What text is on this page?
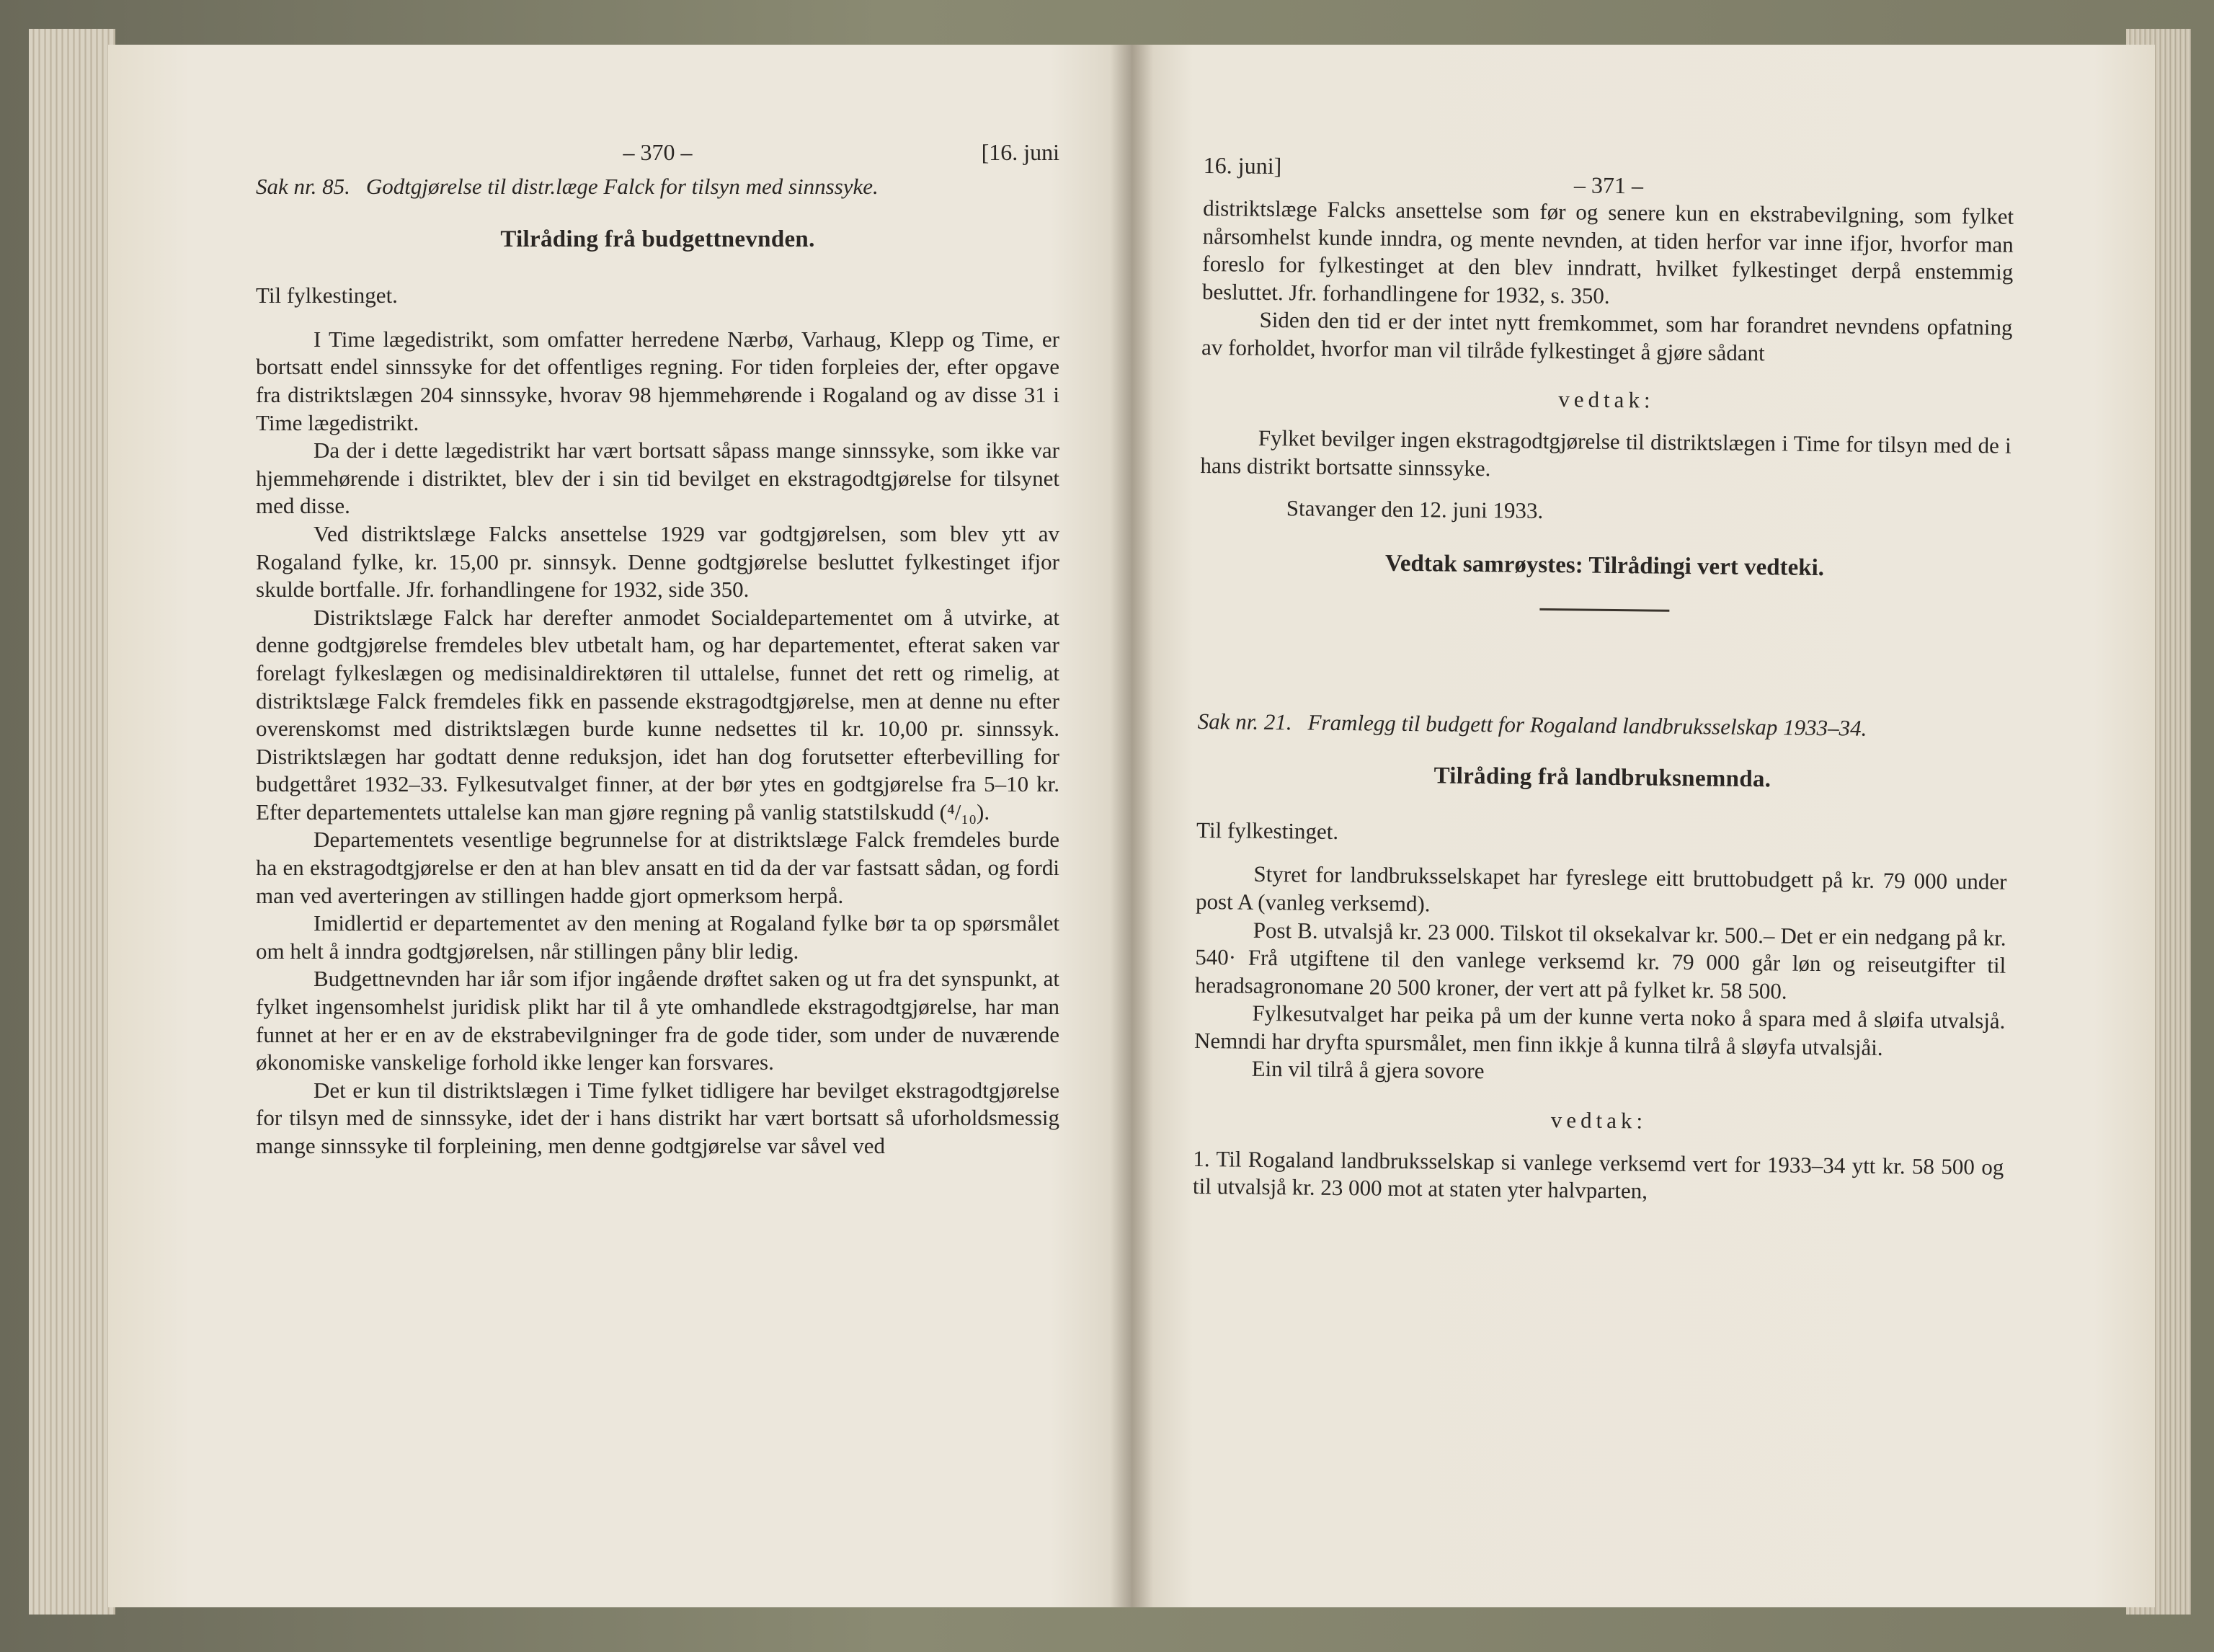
– 370 –	[16. juni
Sak nr. 85. Godtgjørelse til distr.læge Falck for tilsyn med sinnssyke.
Tilråding frå budgettnevnden.
Til fylkestinget.

I Time lægedistrikt, som omfatter herredene Nærbø, Varhaug, Klepp og Time, er bortsatt endel sinnssyke for det offentliges regning. For tiden forpleies der, efter opgave fra distriktslægen 204 sinnssyke, hvorav 98 hjemmehørende i Rogaland og av disse 31 i Time lægedistrikt.

Da der i dette lægedistrikt har vært bortsatt såpass mange sinnssyke, som ikke var hjemmehørende i distriktet, blev der i sin tid bevilget en ekstragodtgjørelse for tilsynet med disse.

Ved distriktslæge Falcks ansettelse 1929 var godtgjørelsen, som blev ytt av Rogaland fylke, kr. 15,00 pr. sinnsyk. Denne godtgjørelse besluttet fylkestinget ifjor skulde bortfalle. Jfr. forhandlingene for 1932, side 350.

Distriktslæge Falck har derefter anmodet Socialdepartementet om å utvirke, at denne godtgjørelse fremdeles blev utbetalt ham, og har departementet, efterat saken var forelagt fylkeslægen og medisinaldirektøren til uttalelse, funnet det rett og rimelig, at distriktslæge Falck fremdeles fikk en passende ekstragodtgjørelse, men at denne nu efter overenskomst med distriktslægen burde kunne nedsettes til kr. 10,00 pr. sinnssyk. Distriktslægen har godtatt denne reduksjon, idet han dog forutsetter efterbevilling for budgettåret 1932–33. Fylkesutvalget finner, at der bør ytes en godtgjørelse fra 5–10 kr. Efter departementets uttalelse kan man gjøre regning på vanlig statstilskudd (⁴/₁₀).

Departementets vesentlige begrunnelse for at distriktslæge Falck fremdeles burde ha en ekstragodtgjørelse er den at han blev ansatt en tid da der var fastsatt sådan, og fordi man ved averteringen av stillingen hadde gjort opmerksom herpå.

Imidlertid er departementet av den mening at Rogaland fylke bør ta op spørsmålet om helt å inndra godtgjørelsen, når stillingen påny blir ledig.

Budgettnevnden har iår som ifjor ingående drøftet saken og ut fra det synspunkt, at fylket ingensomhelst juridisk plikt har til å yte omhandlede ekstragodtgjørelse, har man funnet at her er en av de ekstrabevilgninger fra de gode tider, som under de nuværende økonomiske vanskelige forhold ikke lenger kan forsvares.

Det er kun til distriktslægen i Time fylket tidligere har bevilget ekstragodtgjørelse for tilsyn med de sinnssyke, idet der i hans distrikt har vært bortsatt så uforholdsmessig mange sinnssyke til forpleining, men denne godtgjørelse var såvel ved

16. juni]
– 371 –

distriktslæge Falcks ansettelse som før og senere kun en ekstrabevilgning, som fylket nårsomhelst kunde inndra, og mente nevnden, at tiden herfor var inne ifjor, hvorfor man foreslo for fylkestinget at den blev inndratt, hvilket fylkestinget derpå enstemmig besluttet. Jfr. forhandlingene for 1932, s. 350.

Siden den tid er der intet nytt fremkommet, som har forandret nevndens opfatning av forholdet, hvorfor man vil tilråde fylkestinget å gjøre sådant

vedtak:

Fylket bevilger ingen ekstragodtgjørelse til distriktslægen i Time for tilsyn med de i hans distrikt bortsatte sinnssyke.

Stavanger den 12. juni 1933.

Vedtak samrøystes: Tilrådingi vert vedteki.
Sak nr. 21. Framlegg til budgett for Rogaland landbruksselskap 1933–34.
Tilråding frå landbruksnemnda.
Til fylkestinget.

Styret for landbruksselskapet har fyreslege eitt bruttobudgett på kr. 79 000 under post A (vanleg verksemd).

Post B. utvalsjå kr. 23 000. Tilskot til oksekalvar kr. 500.– Det er ein nedgang på kr. 540· Frå utgiftene til den vanlege verksemd kr. 79 000 går løn og reiseutgifter til heradsagronomane 20 500 kroner, der vert att på fylket kr. 58 500.

Fylkesutvalget har peika på um der kunne verta noko å spara med å sløifa utvalsjå. Nemndi har dryfta spursmålet, men finn ikkje å kunna tilrå å sløyfa utvalsjåi.

Ein vil tilrå å gjera sovore

vedtak:

1. Til Rogaland landbruksselskap si vanlege verksemd vert for 1933–34 ytt kr. 58 500 og til utvalsjå kr. 23 000 mot at staten yter halvparten,
